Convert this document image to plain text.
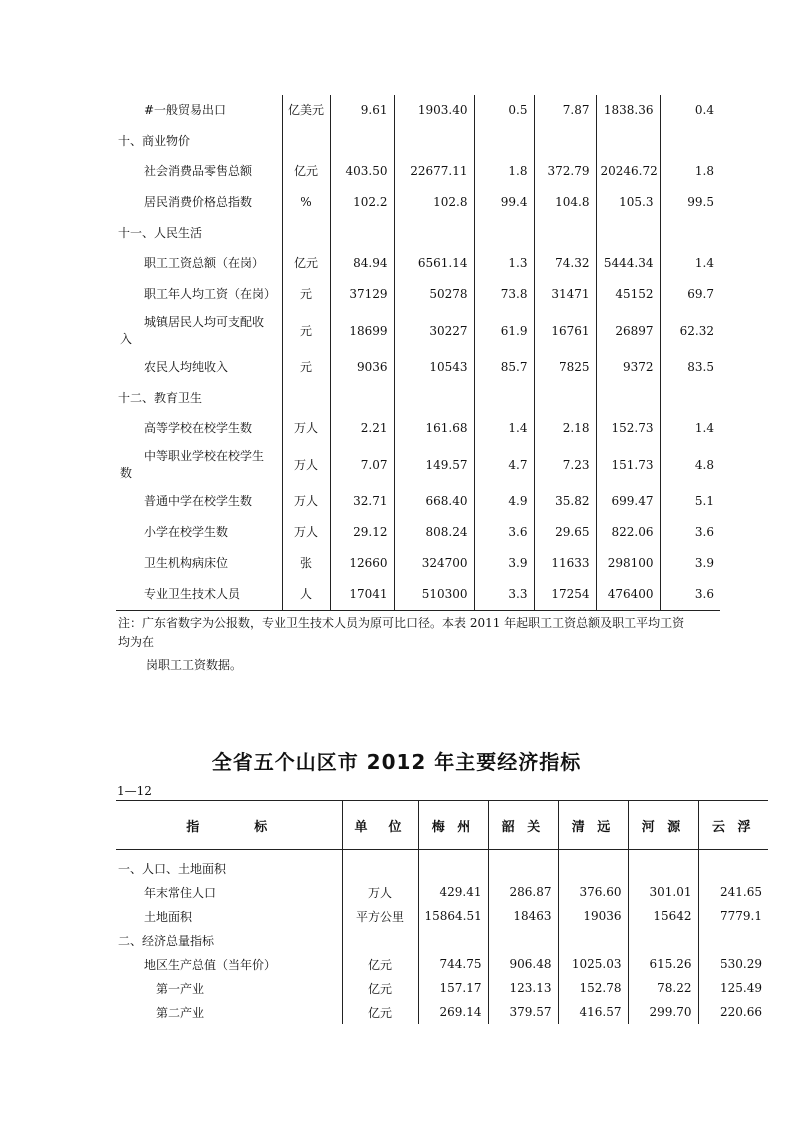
#一般贸易出口	亿美元	9.61	1903.40	0.5	7.87	1838.36	0.4
十、商业物价							
社会消费品零售总额	亿元	403.50	22677.11	1.8	372.79	20246.72	1.8
居民消费价格总指数	%	102.2	102.8	99.4	104.8	105.3	99.5
十一、人民生活							
职工工资总额（在岗）	亿元	84.94	6561.14	1.3	74.32	5444.34	1.4
职工年人均工资（在岗）	元	37129	50278	73.8	31471	45152	69.7
城镇居民人均可支配收
入	元	18699	30227	61.9	16761	26897	62.32
农民人均纯收入	元	9036	10543	85.7	7825	9372	83.5
十二、教育卫生							
高等学校在校学生数	万人	2.21	161.68	1.4	2.18	152.73	1.4
中等职业学校在校学生
数	万人	7.07	149.57	4.7	7.23	151.73	4.8
普通中学在校学生数	万人	32.71	668.40	4.9	35.82	699.47	5.1
小学在校学生数	万人	29.12	808.24	3.6	29.65	822.06	3.6
卫生机构病床位	张	12660	324700	3.9	11633	298100	3.9
专业卫生技术人员	人	17041	510300	3.3	17254	476400	3.6
注：广东省数字为公报数，专业卫生技术人员为原可比口径。本表 2011 年起职工工资总额及职工平均工资均为在
岗职工工资数据。
全省五个山区市 2012 年主要经济指标
1—12
指　　　标	单　位	梅 州	韶 关	清 远	河 源	云 浮
一、人口、土地面积						
年末常住人口	万人	429.41	286.87	376.60	301.01	241.65
土地面积	平方公里	15864.51	18463	19036	15642	7779.1
二、经济总量指标						
地区生产总值（当年价）	亿元	744.75	906.48	1025.03	615.26	530.29
第一产业	亿元	157.17	123.13	152.78	78.22	125.49
第二产业	亿元	269.14	379.57	416.57	299.70	220.66
